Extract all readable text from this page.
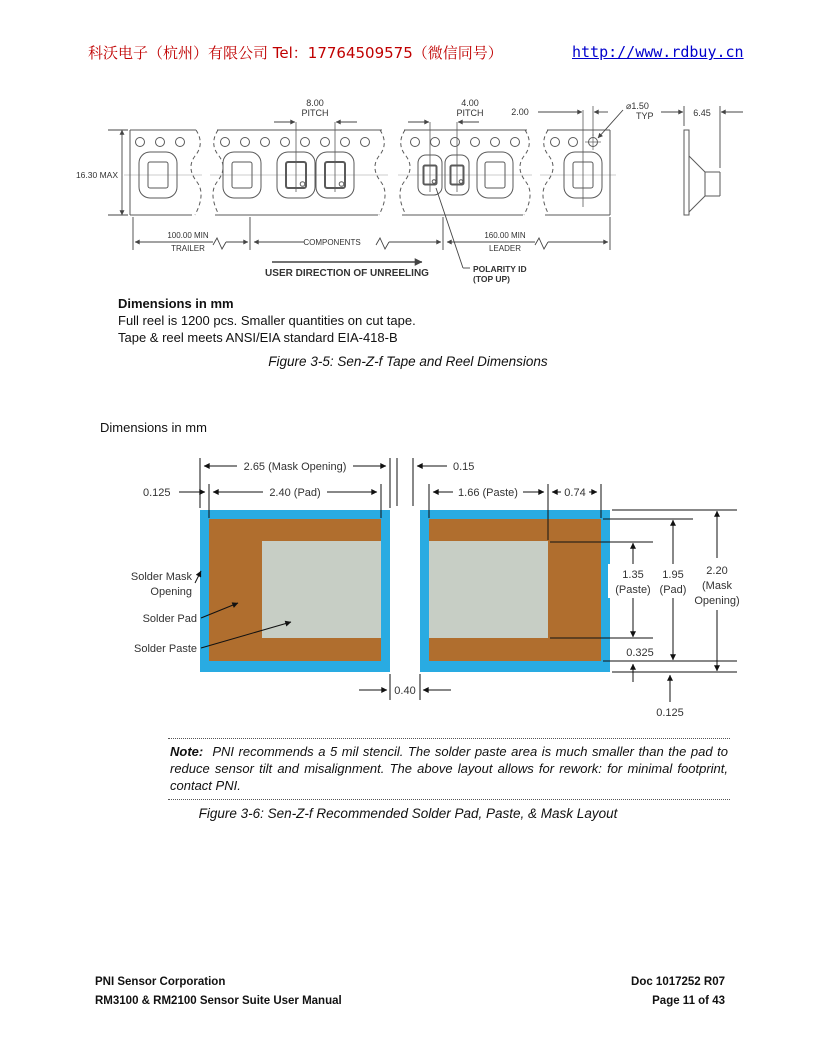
科沃电子（杭州）有限公司 Tel：17764509575（微信同号）	http://www.rdbuy.cn
16.30 MAX
8.00
PITCH
4.00
PITCH	2.00
⌀1.50
TYP	6.45
100.00 MIN
TRAILER
COMPONENTS
160.00 MIN
LEADER
USER DIRECTION OF UNREELING	POLARITY ID
(TOP UP)
Dimensions in mm
Full reel is 1200 pcs. Smaller quantities on cut tape.
Tape & reel meets ANSI/EIA standard EIA-418-B
Figure 3-5: Sen-Z-f Tape and Reel Dimensions
Dimensions in mm
2.65 (Mask Opening)	0.15
0.125	2.40 (Pad)	1.66 (Paste)	0.74
1.35
(Paste)
1.95
(Pad)
2.20
(Mask
Opening)
0.325
0.125
0.40
Solder Mask
Opening
Solder Pad
Solder Paste
Note: PNI recommends a 5 mil stencil. The solder paste area is much smaller than the pad to reduce sensor tilt and misalignment. The above layout allows for rework: for minimal footprint, contact PNI.
Figure 3-6: Sen-Z-f Recommended Solder Pad, Paste, & Mask Layout
PNI Sensor Corporation
RM3100 & RM2100 Sensor Suite User Manual
Doc 1017252 R07
Page 11 of 43
